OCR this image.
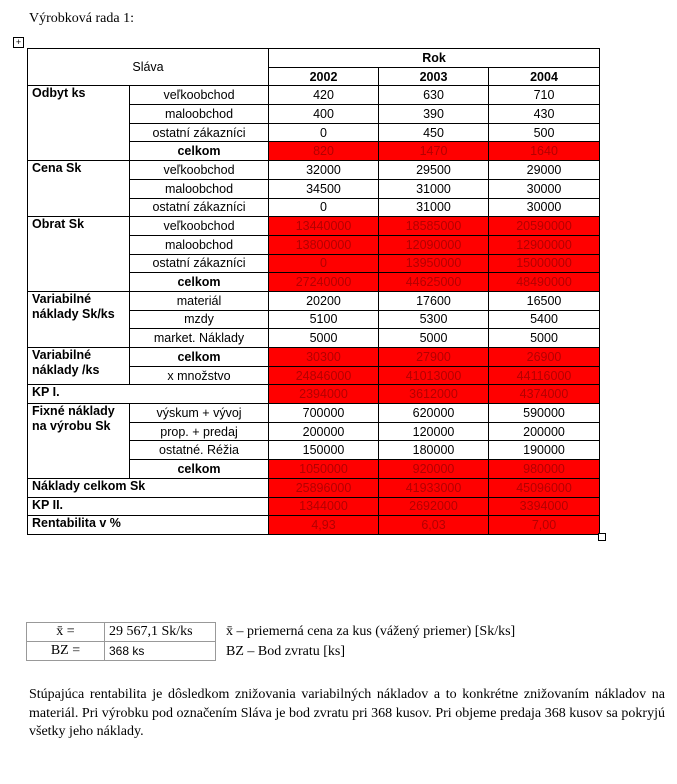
Výrobková rada 1:
+
Sláva		Rok		
		2002	2003	2004
Odbyt ks	veľkoobchod	420	630	710
	maloobchod	400	390	430
	ostatní zákazníci	0	450	500
	celkom	820	1470	1640
Cena Sk	veľkoobchod	32000	29500	29000
	maloobchod	34500	31000	30000
	ostatní zákazníci	0	31000	30000
Obrat Sk	veľkoobchod	13440000	18585000	20590000
	maloobchod	13800000	12090000	12900000
	ostatní zákazníci	0	13950000	15000000
	celkom	27240000	44625000	48490000
Variabilné náklady Sk/ks	materiál	20200	17600	16500
	mzdy	5100	5300	5400
	market. Náklady	5000	5000	5000
Variabilné náklady /ks	celkom	30300	27900	26900
	x množstvo	24846000	41013000	44116000
KP I.		2394000	3612000	4374000
Fixné náklady na výrobu Sk	výskum + vývoj	700000	620000	590000
	prop. + predaj	200000	120000	200000
	ostatné. Réžia	150000	180000	190000
	celkom	1050000	920000	980000
Náklady celkom Sk		25896000	41933000	45096000
KP II.		1344000	2692000	3394000
Rentabilita v %		4,93	6,03	7,00
x̄ =	29 567,1 Sk/ks
BZ =	368 ks
x̄ – priemerná cena za kus (vážený priemer) [Sk/ks]
BZ – Bod zvratu [ks]
Stúpajúca rentabilita je dôsledkom znižovania variabilných nákladov a to konkrétne znižovaním nákladov na materiál. Pri výrobku pod označením Sláva je bod zvratu pri 368 kusov. Pri objeme predaja 368 kusov sa pokryjú všetky jeho náklady.
